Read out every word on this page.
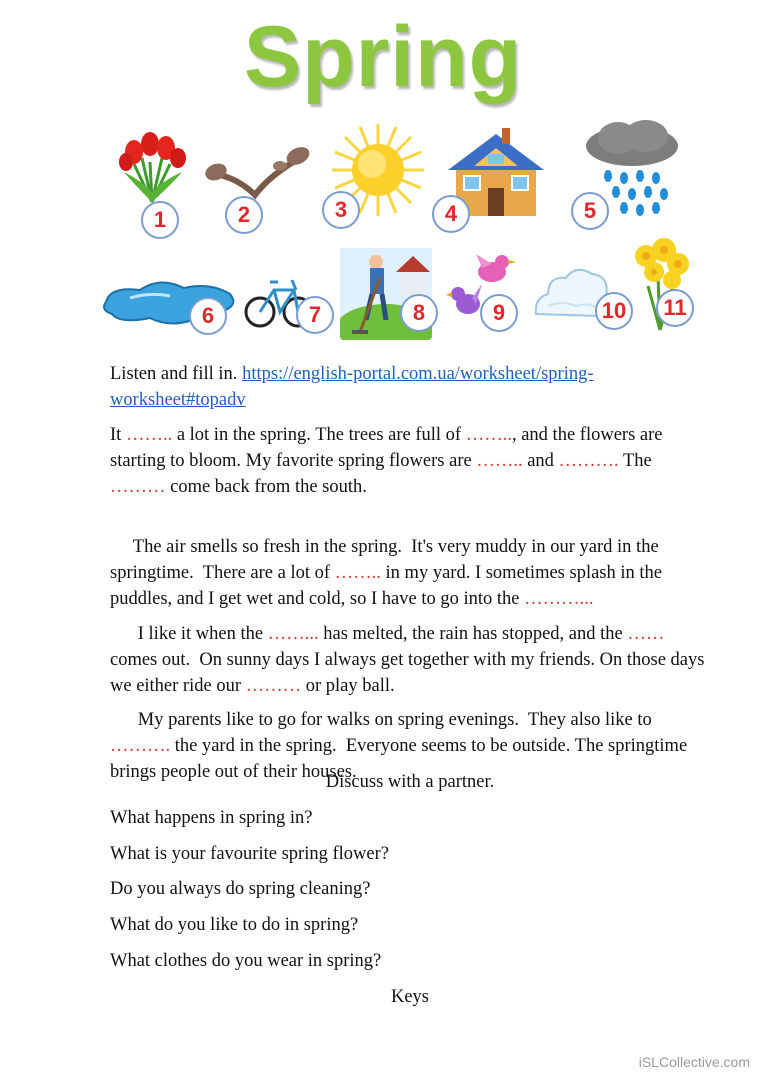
Spring
1	2	3	4	5
6	7	8	9	10	11
Listen and fill in. https://english-portal.com.ua/worksheet/spring-
worksheet#topadv
It …….. a lot in the spring. The trees are full of …….., and the flowers are starting to bloom. My favorite spring flowers are …….. and ………. The ……… come back from the south.

The air smells so fresh in the spring.  It's very muddy in our yard in the springtime.  There are a lot of …….. in my yard. I sometimes splash in the puddles, and I get wet and cold, so I have to go into the ………...

I like it when the ……... has melted, the rain has stopped, and the …… comes out.  On sunny days I always get together with my friends. On those days we either ride our ……… or play ball.

My parents like to go for walks on spring evenings.  They also like to ………. the yard in the spring.  Everyone seems to be outside. The springtime brings people out of their houses.

Discuss with a partner.
What happens in spring in?
What is your favourite spring flower?
Do you always do spring cleaning?
What do you like to do in spring?
What clothes do you wear in spring?
Keys
iSLCollective.com
